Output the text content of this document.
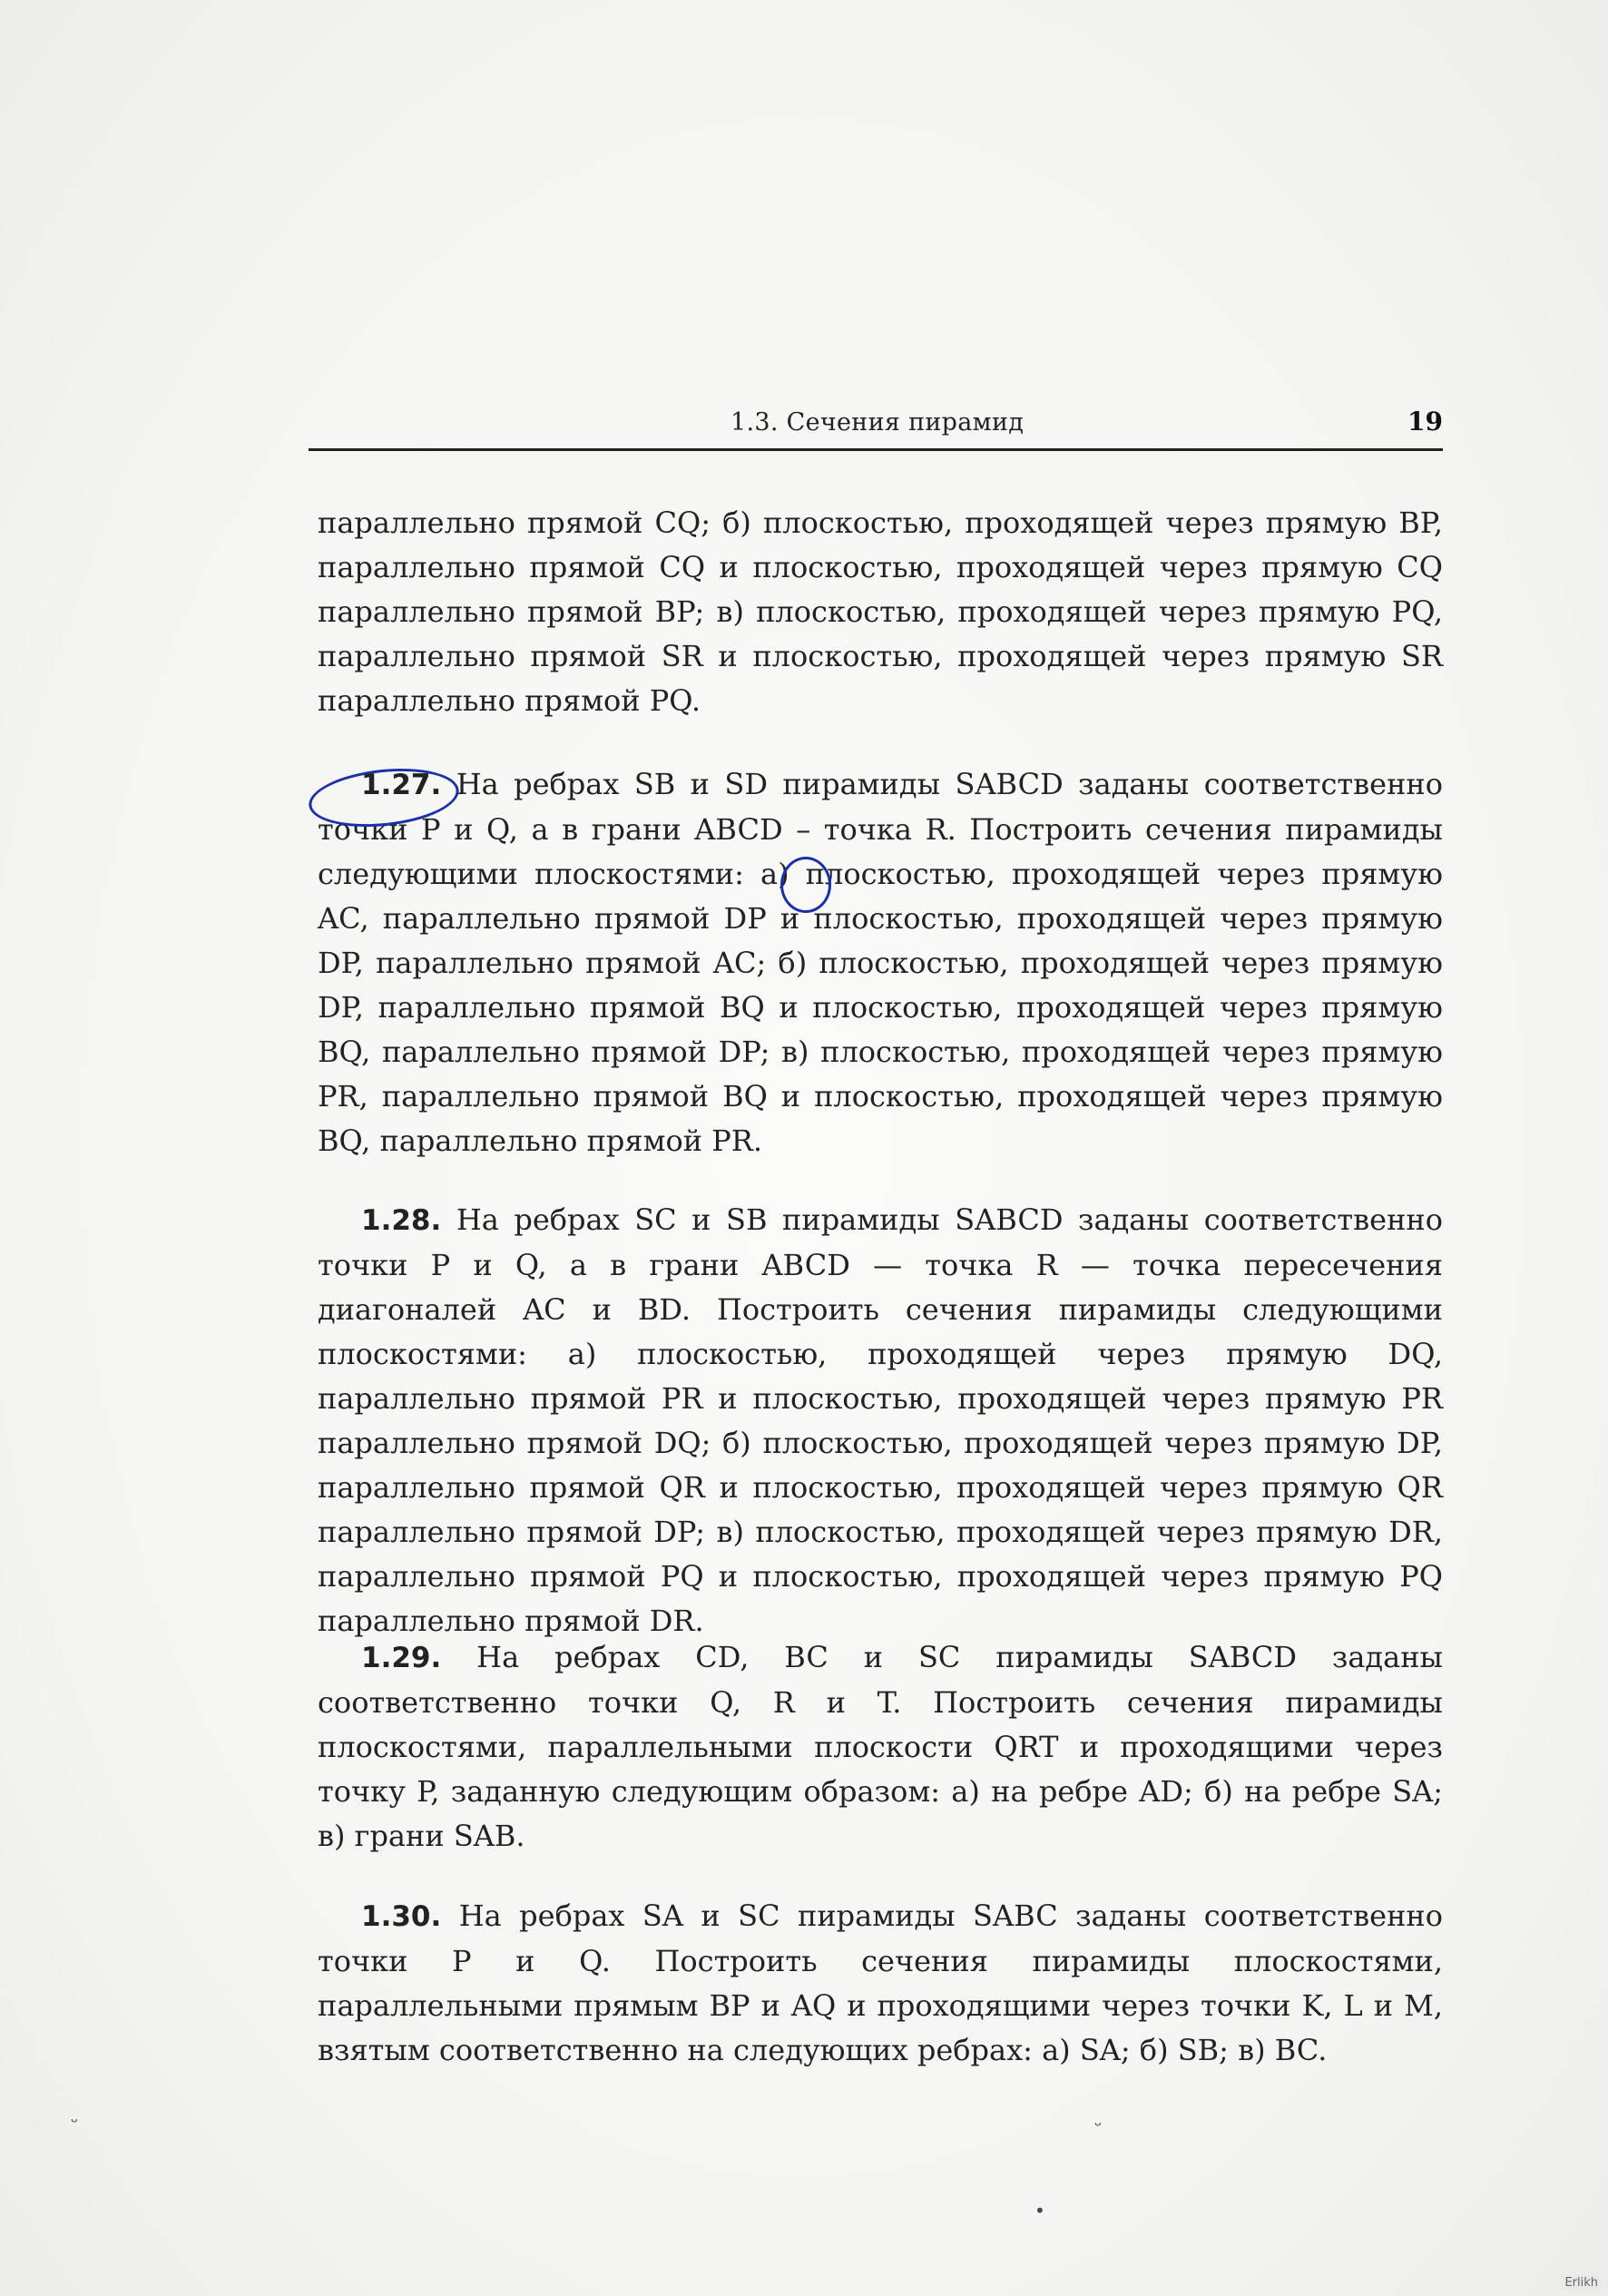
1.3. Сечения пирамид	19

параллельно прямой CQ; б) плоскостью, проходящей через прямую BP, параллельно прямой CQ и плоскостью, проходящей через прямую CQ параллельно прямой BP; в) плоскостью, проходящей через прямую PQ, параллельно прямой SR и плоскостью, проходящей через прямую SR параллельно прямой PQ.

1.27. На ребрах SB и SD пирамиды SABCD заданы соответственно точки P и Q, а в грани ABCD – точка R. Построить сечения пирамиды следующими плоскостями: а) плоскостью, проходящей через прямую AC, параллельно прямой DP и плоскостью, проходящей через прямую DP, параллельно прямой AC; б) плоскостью, проходящей через прямую DP, параллельно прямой BQ и плоскостью, проходящей через прямую BQ, параллельно прямой DP; в) плоскостью, проходящей через прямую PR, параллельно прямой BQ и плоскостью, проходящей через прямую BQ, параллельно прямой PR.

1.28. На ребрах SC и SB пирамиды SABCD заданы соответственно точки P и Q, а в грани ABCD — точка R — точка пересечения диагоналей AC и BD. Построить сечения пирамиды следующими плоскостями: а) плоскостью, проходящей через прямую DQ, параллельно прямой PR и плоскостью, проходящей через прямую PR параллельно прямой DQ; б) плоскостью, проходящей через прямую DP, параллельно прямой QR и плоскостью, проходящей через прямую QR параллельно прямой DP; в) плоскостью, проходящей через прямую DR, параллельно прямой PQ и плоскостью, проходящей через прямую PQ параллельно прямой DR.

1.29. На ребрах CD, BC и SC пирамиды SABCD заданы соответственно точки Q, R и T. Построить сечения пирамиды плоскостями, параллельными плоскости QRT и проходящими через точку P, заданную следующим образом: а) на ребре AD; б) на ребре SA; в) грани SAB.

1.30. На ребрах SA и SC пирамиды SABC заданы соответственно точки P и Q. Построить сечения пирамиды плоскостями, параллельными прямым BP и AQ и проходящими через точки K, L и M, взятым соответственно на следующих ребрах: а) SA; б) SB; в) BC.

ᵕ	ᵕ
•
Erlikh
